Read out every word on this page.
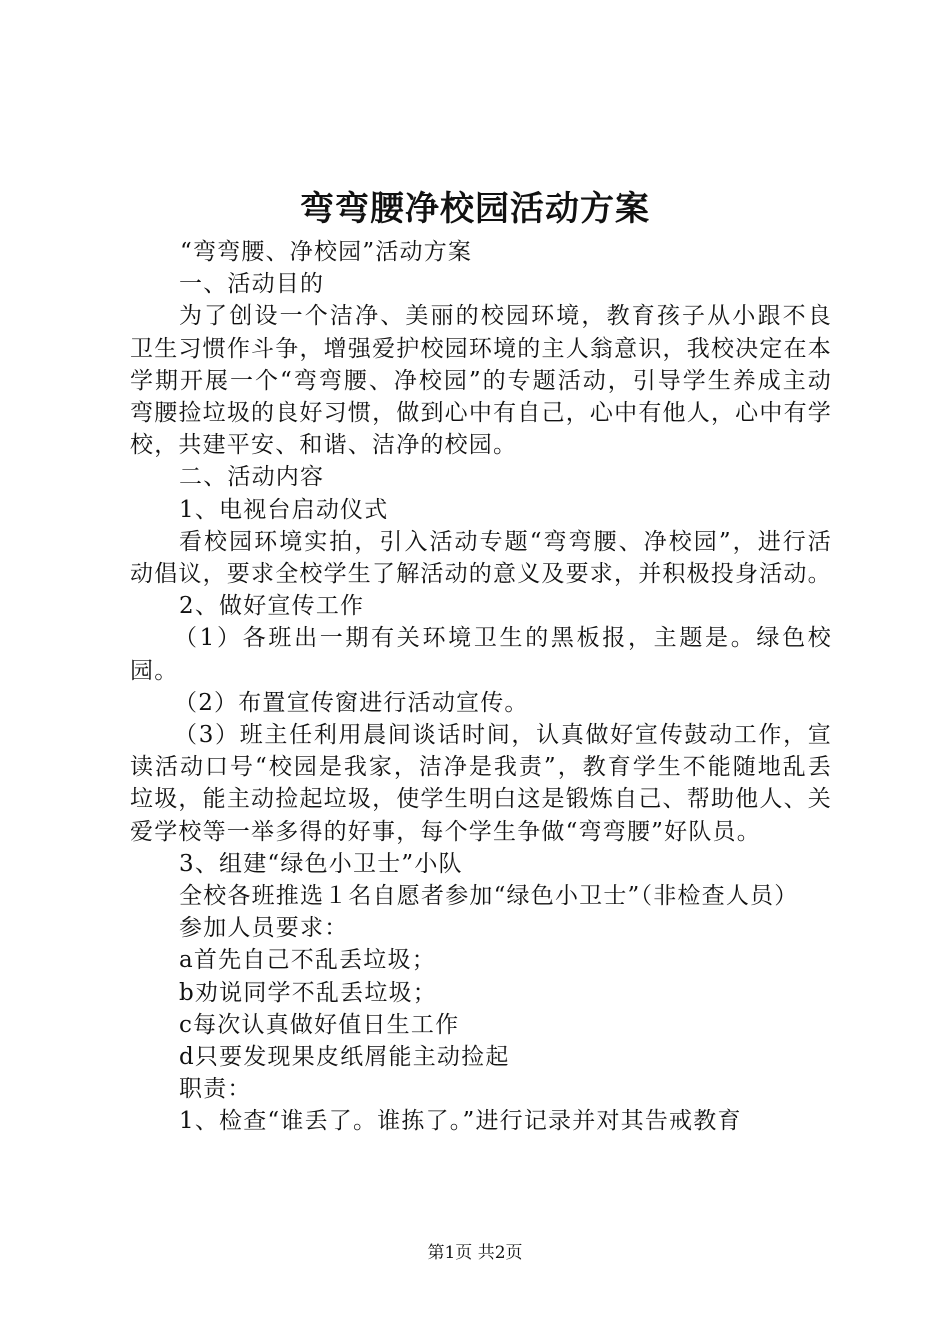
弯弯腰净校园活动方案

“弯弯腰、净校园”活动方案

一、活动目的

为了创设一个洁净、美丽的校园环境，教育孩子从小跟不良卫生习惯作斗争，增强爱护校园环境的主人翁意识，我校决定在本学期开展一个“弯弯腰、净校园”的专题活动，引导学生养成主动弯腰捡垃圾的良好习惯，做到心中有自己，心中有他人，心中有学校，共建平安、和谐、洁净的校园。

二、活动内容

1、电视台启动仪式

看校园环境实拍，引入活动专题“弯弯腰、净校园”，进行活动倡议，要求全校学生了解活动的意义及要求，并积极投身活动。

2、做好宣传工作

（1）各班出一期有关环境卫生的黑板报，主题是。绿色校园。

（2）布置宣传窗进行活动宣传。

（3）班主任利用晨间谈话时间，认真做好宣传鼓动工作，宣读活动口号“校园是我家，洁净是我责”，教育学生不能随地乱丢垃圾，能主动捡起垃圾，使学生明白这是锻炼自己、帮助他人、关爱学校等一举多得的好事，每个学生争做“弯弯腰”好队员。

3、组建“绿色小卫士”小队

全校各班推选１名自愿者参加“绿色小卫士”（非检查人员）

参加人员要求：

a首先自己不乱丢垃圾；

b劝说同学不乱丢垃圾；

c每次认真做好值日生工作

d只要发现果皮纸屑能主动捡起

职责：

1、检查“谁丢了。谁拣了。”进行记录并对其告戒教育

第1页 共2页
